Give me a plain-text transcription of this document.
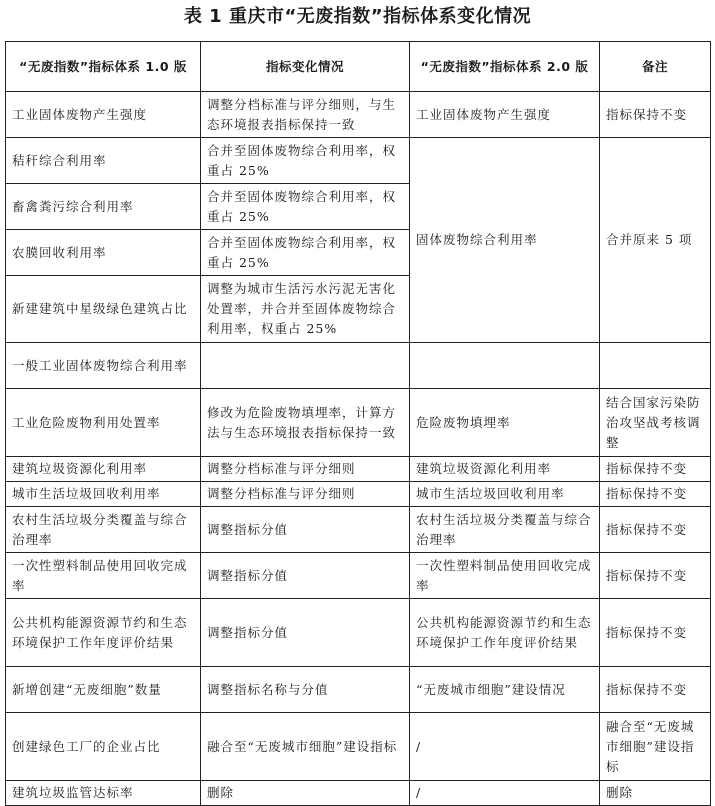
表 1 重庆市“无废指数”指标体系变化情况
“无废指数”指标体系 1.0 版	指标变化情况	“无废指数”指标体系 2.0 版	备注
工业固体废物产生强度	调整分档标准与评分细则，与生态环境报表指标保持一致	工业固体废物产生强度	指标保持不变
秸秆综合利用率	合并至固体废物综合利用率，权重占 25%	固体废物综合利用率	合并原来 5 项
畜禽粪污综合利用率	合并至固体废物综合利用率，权重占 25%		
农膜回收利用率	合并至固体废物综合利用率，权重占 25%		
新建建筑中星级绿色建筑占比	调整为城市生活污水污泥无害化处置率，并合并至固体废物综合利用率，权重占 25%		
一般工业固体废物综合利用率			
工业危险废物利用处置率	修改为危险废物填埋率，计算方法与生态环境报表指标保持一致	危险废物填埋率	结合国家污染防治攻坚战考核调整
建筑垃圾资源化利用率	调整分档标准与评分细则	建筑垃圾资源化利用率	指标保持不变
城市生活垃圾回收利用率	调整分档标准与评分细则	城市生活垃圾回收利用率	指标保持不变
农村生活垃圾分类覆盖与综合治理率	调整指标分值	农村生活垃圾分类覆盖与综合治理率	指标保持不变
一次性塑料制品使用回收完成率	调整指标分值	一次性塑料制品使用回收完成率	指标保持不变
公共机构能源资源节约和生态环境保护工作年度评价结果	调整指标分值	公共机构能源资源节约和生态环境保护工作年度评价结果	指标保持不变
新增创建“无废细胞”数量	调整指标名称与分值	“无废城市细胞”建设情况	指标保持不变
创建绿色工厂的企业占比	融合至“无废城市细胞”建设指标	/	融合至“无废城市细胞”建设指标
建筑垃圾监管达标率	删除	/	删除
